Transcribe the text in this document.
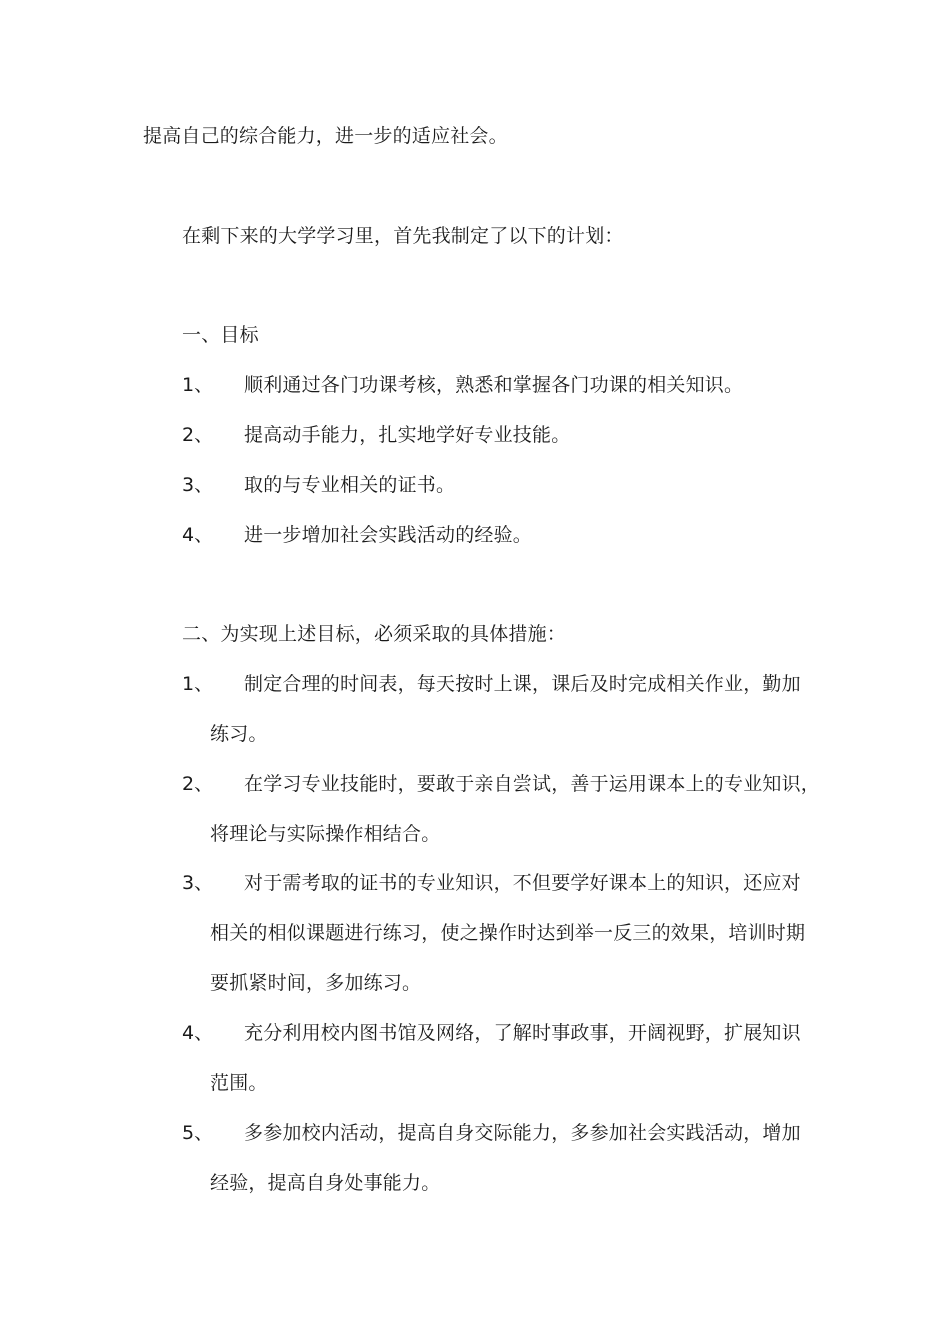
提高自己的综合能力，进一步的适应社会。
在剩下来的大学学习里，首先我制定了以下的计划：
一、目标
1、 顺利通过各门功课考核，熟悉和掌握各门功课的相关知识。
2、 提高动手能力，扎实地学好专业技能。
3、 取的与专业相关的证书。
4、 进一步增加社会实践活动的经验。
二、为实现上述目标，必须采取的具体措施：
1、 制定合理的时间表，每天按时上课，课后及时完成相关作业，勤加
练习。
2、 在学习专业技能时，要敢于亲自尝试，善于运用课本上的专业知识，
将理论与实际操作相结合。
3、 对于需考取的证书的专业知识，不但要学好课本上的知识，还应对
相关的相似课题进行练习，使之操作时达到举一反三的效果，培训时期
要抓紧时间，多加练习。
4、 充分利用校内图书馆及网络，了解时事政事，开阔视野，扩展知识
范围。
5、 多参加校内活动，提高自身交际能力，多参加社会实践活动，增加
经验，提高自身处事能力。
